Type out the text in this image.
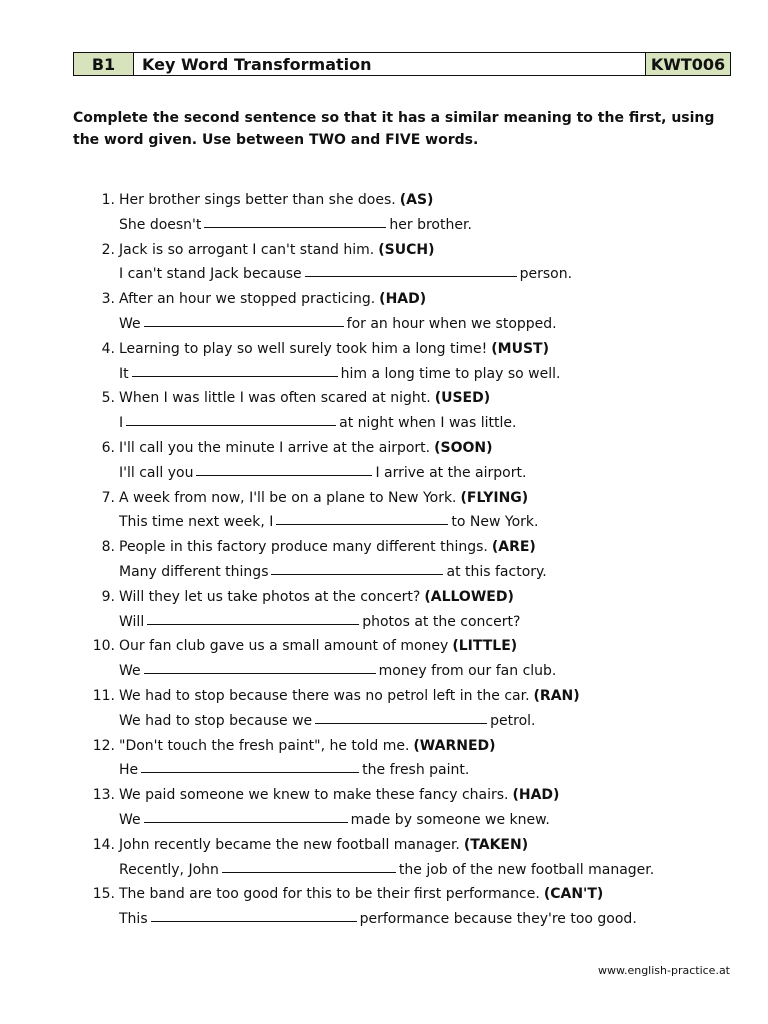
B1	Key Word Transformation	KWT006
Complete the second sentence so that it has a similar meaning to the first, using the word given. Use between TWO and FIVE words.
1. Her brother sings better than she does. (AS)
She doesn't	her brother.
2. Jack is so arrogant I can't stand him. (SUCH)
I can't stand Jack because	person.
3. After an hour we stopped practicing. (HAD)
We	for an hour when we stopped.
4. Learning to play so well surely took him a long time! (MUST)
It	him a long time to play so well.
5. When I was little I was often scared at night. (USED)
I	at night when I was little.
6. I'll call you the minute I arrive at the airport. (SOON)
I'll call you	I arrive at the airport.
7. A week from now, I'll be on a plane to New York. (FLYING)
This time next week, I	to New York.
8. People in this factory produce many different things. (ARE)
Many different things	at this factory.
9. Will they let us take photos at the concert? (ALLOWED)
Will	photos at the concert?
10. Our fan club gave us a small amount of money (LITTLE)
We	money from our fan club.
11. We had to stop because there was no petrol left in the car. (RAN)
We had to stop because we	petrol.
12. "Don't touch the fresh paint", he told me. (WARNED)
He	the fresh paint.
13. We paid someone we knew to make these fancy chairs. (HAD)
We	made by someone we knew.
14. John recently became the new football manager. (TAKEN)
Recently, John	the job of the new football manager.
15. The band are too good for this to be their first performance. (CAN'T)
This	performance because they're too good.
www.english-practice.at
